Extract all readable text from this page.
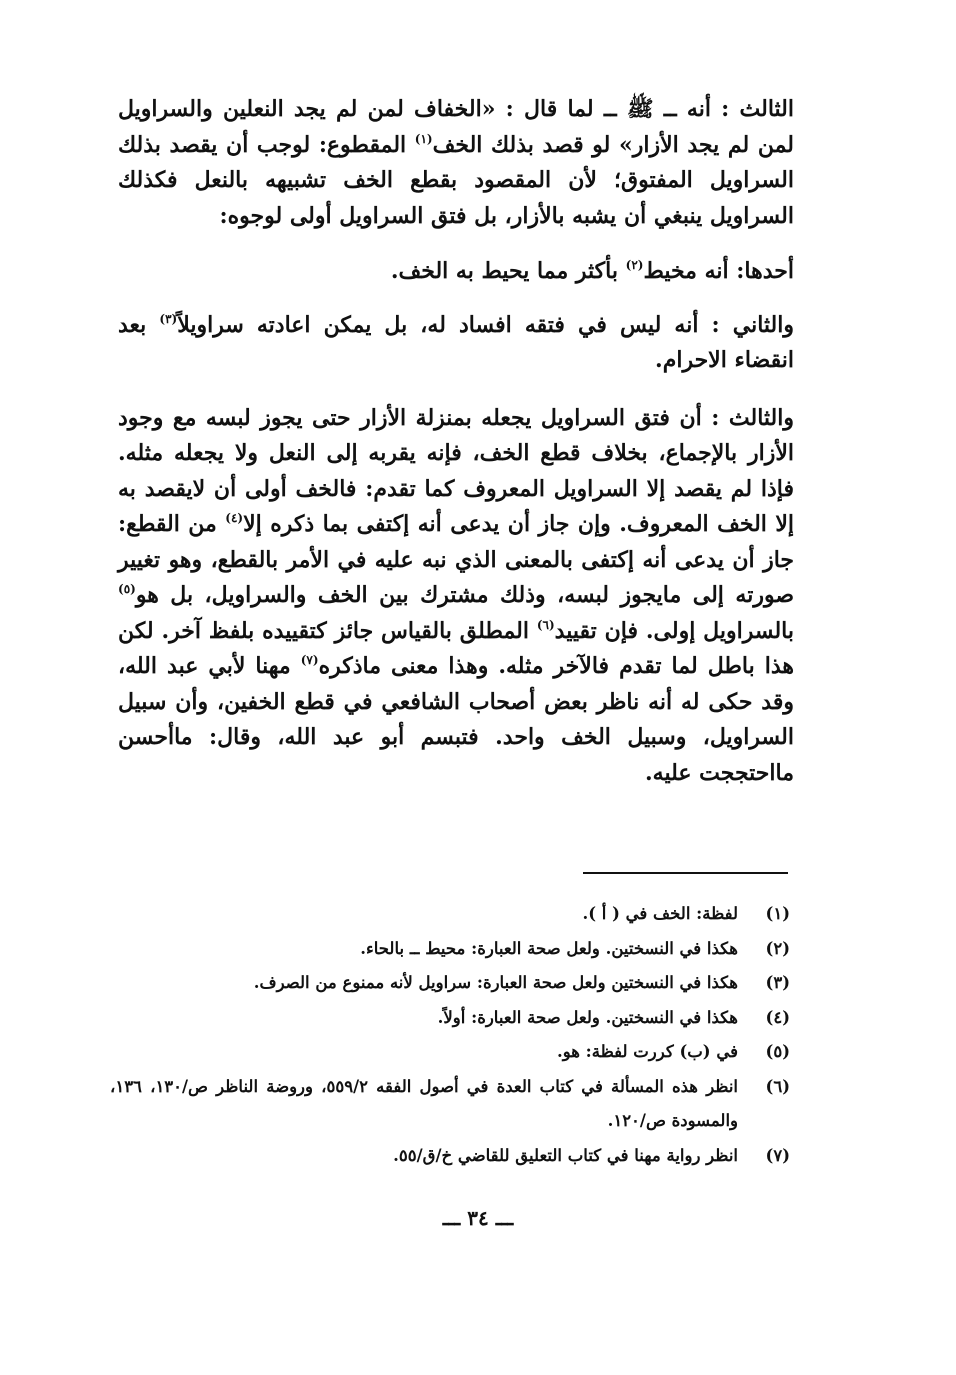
الثالث : أنه ــ ﷺ ــ لما قال : «الخفاف لمن لم يجد النعلين والسراويل لمن لم يجد الأزار» لو قصد بذلك الخف$^{(١)}$ المقطوع: لوجب أن يقصد بذلك السراويل المفتوق؛ لأن المقصود بقطع الخف تشبيهه بالنعل فكذلك السراويل ينبغي أن يشبه بالأزار، بل فتق السراويل أولى لوجوه:

أحدها: أنه مخيط$^{(٢)}$ بأكثر مما يحيط به الخف.

والثاني : أنه ليس في فتقه افساد له، بل يمكن اعادته سراويلاً$^{(٣)}$ بعد انقضاء الاحرام.

والثالث : أن فتق السراويل يجعله بمنزلة الأزار حتى يجوز لبسه مع وجود الأزار بالإجماع، بخلاف قطع الخف، فإنه يقربه إلى النعل ولا يجعله مثله. فإذا لم يقصد إلا السراويل المعروف كما تقدم: فالخف أولى أن لايقصد به إلا الخف المعروف. وإن جاز أن يدعى أنه إكتفى بما ذكره إلا$^{(٤)}$ من القطع: جاز أن يدعى أنه إكتفى بالمعنى الذي نبه عليه في الأمر بالقطع، وهو تغيير صورته إلى مايجوز لبسه، وذلك مشترك بين الخف والسراويل، بل هو$^{(٥)}$ بالسراويل إولى. فإن تقييد$^{(٦)}$ المطلق بالقياس جائز كتقييده بلفظ آخر. لكن هذا باطل لما تقدم فالآخر مثله. وهذا معنى ماذكره$^{(٧)}$ مهنا لأبي عبد الله، وقد حكى له أنه ناظر بعض أصحاب الشافعي في قطع الخفين، وأن سبيل السراويل، وسبيل الخف واحد. فتبسم أبو عبد الله، وقال: ماأحسن مااحتججت عليه.

(١)
لفظة: الخف في ( أ ).
(٢)
هكذا في النسختين. ولعل صحة العبارة: محيط ــ بالحاء.
(٣)
هكذا في النسختين ولعل صحة العبارة: سراويل لأنه ممنوع من الصرف.
(٤)
هكذا في النسختين. ولعل صحة العبارة: أولاً.
(٥)
في (ب) كررت لفظة: هو.
(٦)
انظر هذه المسألة في كتاب العدة في أصول الفقه ٥٥٩/٢، وروضة الناظر ص/١٣٠، ١٣٦، والمسودة ص/١٢٠.
(٧)
انظر رواية مهنا في كتاب التعليق للقاضي خ/ق/٥٥.
ـــ ٣٤ ـــ
